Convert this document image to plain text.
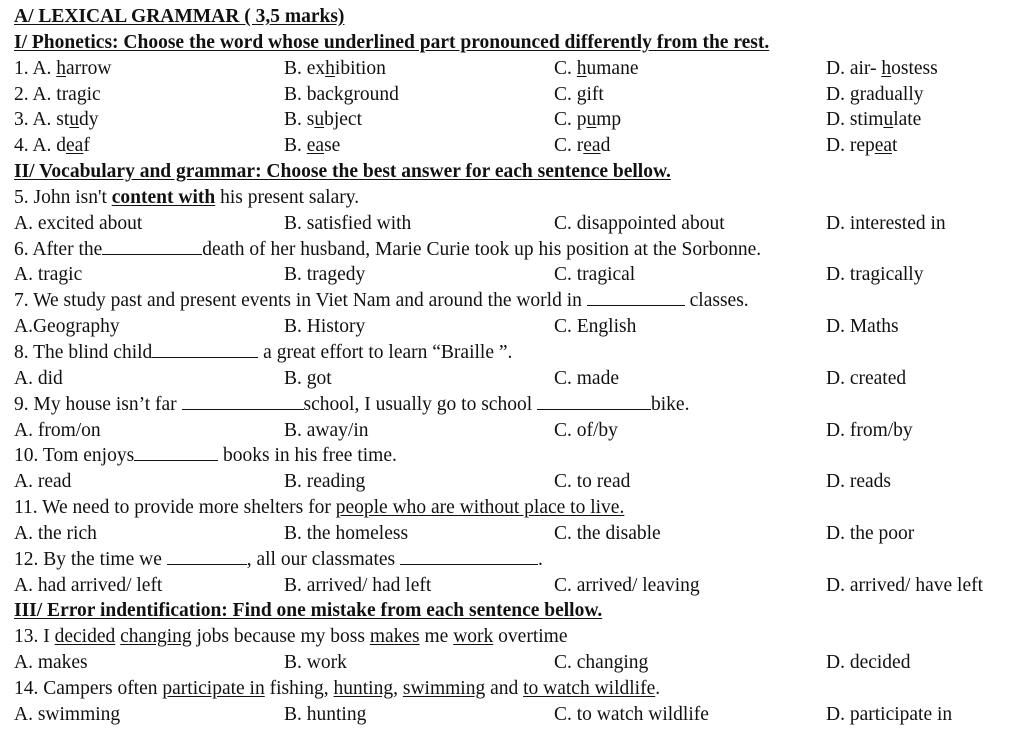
A/ LEXICAL GRAMMAR ( 3,5 marks)
I/ Phonetics: Choose the word whose underlined part pronounced differently from the rest.
1. A. harrow	B. exhibition	C. humane	D. air- hostess
2. A. tragic	B. background	C. gift	D. gradually
3. A. study	B. subject	C. pump	D. stimulate
4. A. deaf	B. ease	C. read	D. repeat
II/ Vocabulary and grammar: Choose the best answer for each sentence bellow.
5. John isn't content with his present salary.
A. excited about	B. satisfied with	C. disappointed about	D. interested in
6. After the	death of her husband, Marie Curie took up his position at the Sorbonne.
A. tragic	B. tragedy	C. tragical	D. tragically
7. We study past and present events in Viet Nam and around the world in	classes.
A.Geography	B. History	C. English	D. Maths
8. The blind child	a great effort to learn “Braille ”.
A. did	B. got	C. made	D. created
9. My house isn’t far	school, I usually go to school	bike.
A. from/on	B. away/in	C. of/by	D. from/by
10. Tom enjoys	books in his free time.
A. read	B. reading	C. to read	D. reads
11. We need to provide more shelters for people who are without place to live.
A. the rich	B. the homeless	C. the disable	D. the poor
12. By the time we	, all our classmates	.
A. had arrived/ left	B. arrived/ had left	C. arrived/ leaving	D. arrived/ have left
III/ Error indentification: Find one mistake from each sentence bellow.
13. I decided changing jobs because my boss makes me work overtime
A. makes	B. work	C. changing	D. decided
14. Campers often participate in fishing, hunting, swimming and to watch wildlife.
A. swimming	B. hunting	C. to watch wildlife	D. participate in
